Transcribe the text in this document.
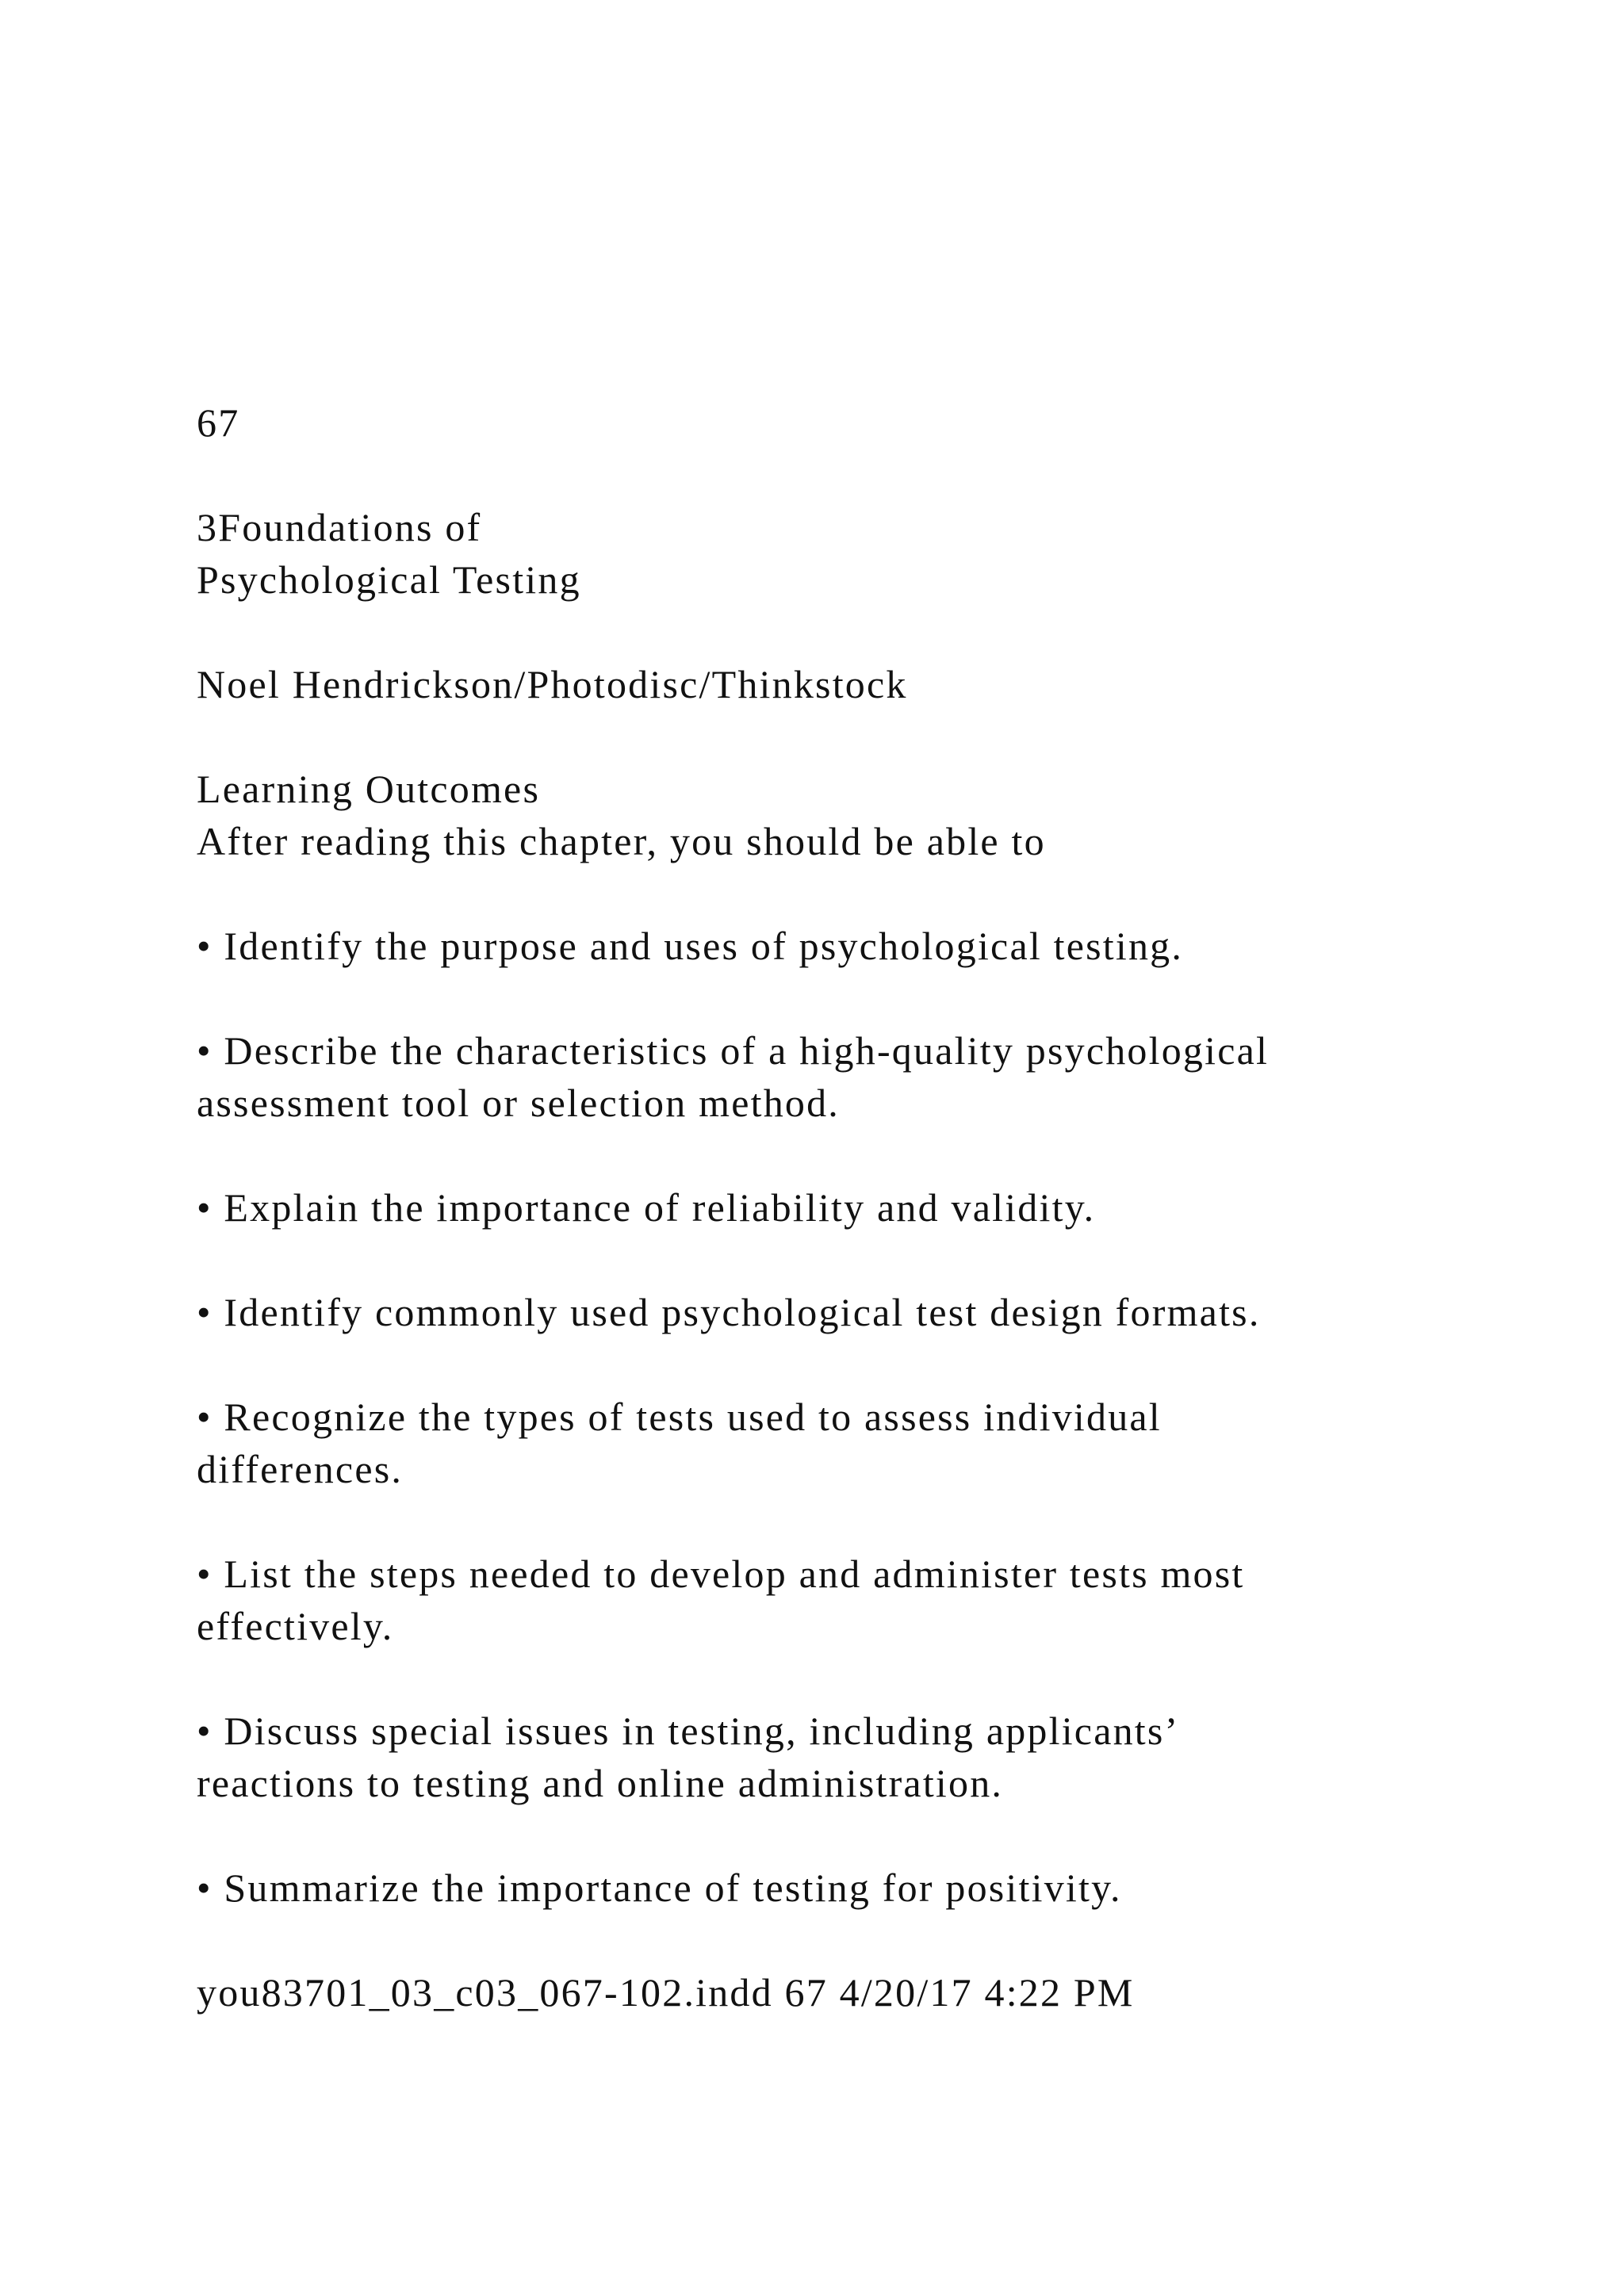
67
3Foundations of
Psychological Testing
Noel Hendrickson/Photodisc/Thinkstock
Learning Outcomes
After reading this chapter, you should be able to
• Identify the purpose and uses of psychological testing.
• Describe the characteristics of a high-quality psychological
assessment tool or selection method.
• Explain the importance of reliability and validity.
• Identify commonly used psychological test design formats.
• Recognize the types of tests used to assess individual
differences.
• List the steps needed to develop and administer tests most
effectively.
• Discuss special issues in testing, including applicants’
reactions to testing and online administration.
• Summarize the importance of testing for positivity.
you83701_03_c03_067-102.indd 67 4/20/17 4:22 PM
